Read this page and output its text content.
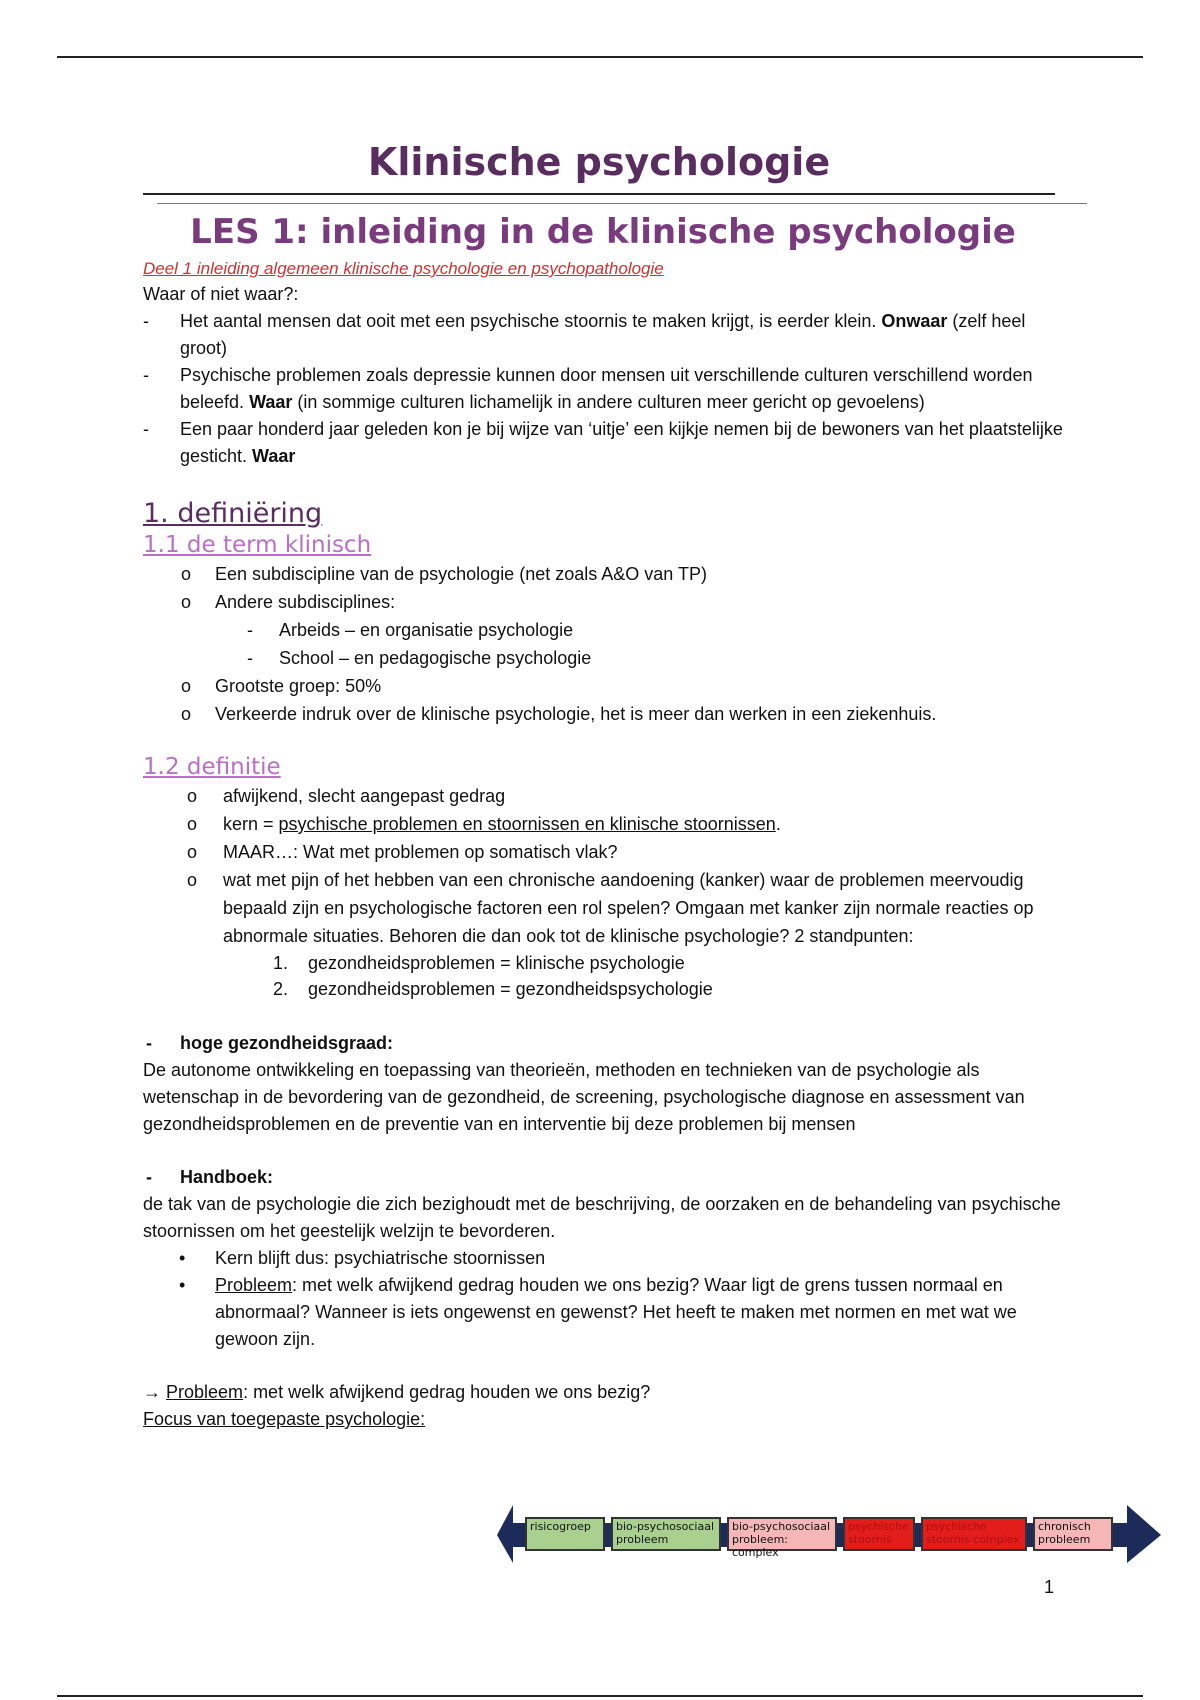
Klinische psychologie
LES 1: inleiding in de klinische psychologie
Deel 1 inleiding algemeen klinische psychologie en psychopathologie

Waar of niet waar?:

- Het aantal mensen dat ooit met een psychische stoornis te maken krijgt, is eerder klein. Onwaar (zelf heel groot)
- Psychische problemen zoals depressie kunnen door mensen uit verschillende culturen verschillend worden beleefd. Waar (in sommige culturen lichamelijk in andere culturen meer gericht op gevoelens)
- Een paar honderd jaar geleden kon je bij wijze van ‘uitje’ een kijkje nemen bij de bewoners van het plaatstelijke gesticht. Waar
1. definiëring
1.1 de term klinisch
o Een subdiscipline van de psychologie (net zoals A&O van TP)
o Andere subdisciplines:
- Arbeids – en organisatie psychologie
- School – en pedagogische psychologie
o Grootste groep: 50%
o Verkeerde indruk over de klinische psychologie, het is meer dan werken in een ziekenhuis.
1.2 definitie
o afwijkend, slecht aangepast gedrag
o kern = psychische problemen en stoornissen en klinische stoornissen.
o MAAR…: Wat met problemen op somatisch vlak?
o wat met pijn of het hebben van een chronische aandoening (kanker) waar de problemen meervoudig bepaald zijn en psychologische factoren een rol spelen? Omgaan met kanker zijn normale reacties op abnormale situaties. Behoren die dan ook tot de klinische psychologie? 2 standpunten:
1. gezondheidsproblemen = klinische psychologie
2. gezondheidsproblemen = gezondheidspsychologie
- hoge gezondheidsgraad:

De autonome ontwikkeling en toepassing van theorieën, methoden en technieken van de psychologie als wetenschap in de bevordering van de gezondheid, de screening, psychologische diagnose en assessment van gezondheidsproblemen en de preventie van en interventie bij deze problemen bij mensen

- Handboek:

de tak van de psychologie die zich bezighoudt met de beschrijving, de oorzaken en de behandeling van psychische stoornissen om het geestelijk welzijn te bevorderen.

• Kern blijft dus: psychiatrische stoornissen
• Probleem: met welk afwijkend gedrag houden we ons bezig? Waar ligt de grens tussen normaal en abnormaal? Wanneer is iets ongewenst en gewenst? Het heeft te maken met normen en met wat we gewoon zijn.

→ Probleem: met welk afwijkend gedrag houden we ons bezig?

Focus van toegepaste psychologie:

risicogroep	bio-psychosociaal probleem
bio-psychosociaal probleem: complex
psychische stoornis
psychische stoornis complex
chronisch probleem
1
